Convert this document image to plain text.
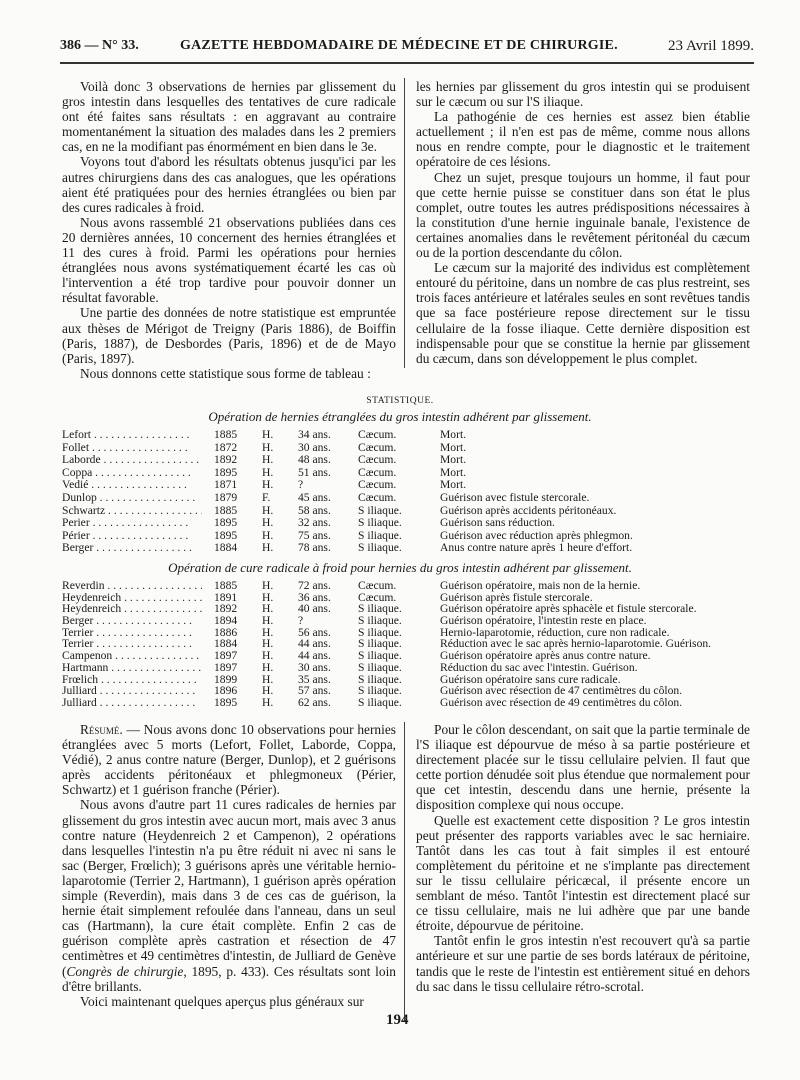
386 — N° 33.	GAZETTE HEBDOMADAIRE DE MÉDECINE ET DE CHIRURGIE.	23 Avril 1899.

Voilà donc 3 observations de hernies par glissement du gros intestin dans lesquelles des tentatives de cure radicale ont été faites sans résultats : en aggravant au contraire momentanément la situation des malades dans les 2 premiers cas, en ne la modifiant pas énormément en bien dans le 3e.

Voyons tout d'abord les résultats obtenus jusqu'ici par les autres chirurgiens dans des cas analogues, que les opérations aient été pratiquées pour des hernies étranglées ou bien par des cures radicales à froid.

Nous avons rassemblé 21 observations publiées dans ces 20 dernières années, 10 concernent des hernies étranglées et 11 des cures à froid. Parmi les opérations pour hernies étranglées nous avons systématiquement écarté les cas où l'intervention a été trop tardive pour pouvoir donner un résultat favorable.

Une partie des données de notre statistique est empruntée aux thèses de Mérigot de Treigny (Paris 1886), de Boiffin (Paris, 1887), de Desbordes (Paris, 1896) et de de Mayo (Paris, 1897).

Nous donnons cette statistique sous forme de tableau :

les hernies par glissement du gros intestin qui se produisent sur le cæcum ou sur l'S iliaque.

La pathogénie de ces hernies est assez bien établie actuellement ; il n'en est pas de même, comme nous allons nous en rendre compte, pour le diagnostic et le traitement opératoire de ces lésions.

Chez un sujet, presque toujours un homme, il faut pour que cette hernie puisse se constituer dans son état le plus complet, outre toutes les autres prédispositions nécessaires à la constitution d'une hernie inguinale banale, l'existence de certaines anomalies dans le revêtement péritonéal du cæcum ou de la portion descendante du côlon.

Le cæcum sur la majorité des individus est complètement entouré du péritoine, dans un nombre de cas plus restreint, ses trois faces antérieure et latérales seules en sont revêtues tandis que sa face postérieure repose directement sur le tissu cellulaire de la fosse iliaque. Cette dernière disposition est indispensable pour que se constitue la hernie par glissement du cæcum, dans son développement le plus complet.

STATISTIQUE.
Opération de hernies étranglées du gros intestin adhérent par glissement.
Lefort . . .	1885 H. 34 ans. Cæcum.	Mort.
Follet . . .	1872 H. 30 ans. Cæcum.	Mort.
Laborde . . .	1892 H. 48 ans. Cæcum.	Mort.
Coppa . . .	1895 H. 51 ans. Cæcum.	Mort.
Vedié . . .	1871 H. ?	Cæcum.	Mort.
Dunlop . . .	1879 F. 45 ans. Cæcum.	Guérison avec fistule stercorale.
Schwartz . . .	1885 H. 58 ans. S iliaque.	Guérison après accidents péritonéaux.
Perier . . .	1895 H. 32 ans. S iliaque.	Guérison sans réduction.
Périer . . .	1895 H. 75 ans. S iliaque.	Guérison avec réduction après phlegmon.
Berger . . .	1884 H. 78 ans. S iliaque.	Anus contre nature après 1 heure d'effort.
Opération de cure radicale à froid pour hernies du gros intestin adhérent par glissement.
Reverdin . . .	1885 H. 72 ans. Cæcum.	Guérison opératoire, mais non de la hernie.
Heydenreich . . .	1891 H. 36 ans. Cæcum.	Guérison après fistule stercorale.
Heydenreich . . .	1892 H. 40 ans. S iliaque.	Guérison opératoire après sphacèle et fistule stercorale.
Berger . . .	1894 H. ?	S iliaque.	Guérison opératoire, l'intestin reste en place.
Terrier . . .	1886 H. 56 ans. S iliaque.	Hernio-laparotomie, réduction, cure non radicale.
Terrier . . .	1884 H. 44 ans. S iliaque.	Réduction avec le sac après hernio-laparotomie. Guérison.
Campenon . . .	1897 H. 44 ans. S iliaque.	Guérison opératoire après anus contre nature.
Hartmann . . .	1897 H. 30 ans. S iliaque.	Réduction du sac avec l'intestin. Guérison.
Frœlich . . .	1899 H. 35 ans. S iliaque.	Guérison opératoire sans cure radicale.
Julliard . . .	1896 H. 57 ans. S iliaque.	Guérison avec résection de 47 centimètres du côlon.
Julliard . . .	1895 H. 62 ans. S iliaque.	Guérison avec résection de 49 centimètres du côlon.

Résumé. — Nous avons donc 10 observations pour hernies étranglées avec 5 morts (Lefort, Follet, Laborde, Coppa, Védié), 2 anus contre nature (Berger, Dunlop), et 2 guérisons après accidents péritonéaux et phlegmoneux (Périer, Schwartz) et 1 guérison franche (Périer).

Nous avons d'autre part 11 cures radicales de hernies par glissement du gros intestin avec aucun mort, mais avec 3 anus contre nature (Heydenreich 2 et Campenon), 2 opérations dans lesquelles l'intestin n'a pu être réduit ni avec ni sans le sac (Berger, Frœlich); 3 guérisons après une véritable hernio-laparotomie (Terrier 2, Hartmann), 1 guérison après opération simple (Reverdin), mais dans 3 de ces cas de guérison, la hernie était simplement refoulée dans l'anneau, dans un seul cas (Hartmann), la cure était complète. Enfin 2 cas de guérison complète après castration et résection de 47 centimètres et 49 centimètres d'intestin, de Julliard de Genève (Congrès de chirurgie, 1895, p. 433). Ces résultats sont loin d'être brillants.

Voici maintenant quelques aperçus plus généraux sur

Pour le côlon descendant, on sait que la partie terminale de l'S iliaque est dépourvue de méso à sa partie postérieure et directement placée sur le tissu cellulaire pelvien. Il faut que cette portion dénudée soit plus étendue que normalement pour que cet intestin, descendu dans une hernie, présente la disposition complexe qui nous occupe.

Quelle est exactement cette disposition ? Le gros intestin peut présenter des rapports variables avec le sac herniaire. Tantôt dans les cas tout à fait simples il est entouré complètement du péritoine et ne s'implante pas directement sur le tissu cellulaire péricæcal, il présente encore un semblant de méso. Tantôt l'intestin est directement placé sur ce tissu cellulaire, mais ne lui adhère que par une bande étroite, dépourvue de péritoine.

Tantôt enfin le gros intestin n'est recouvert qu'à sa partie antérieure et sur une partie de ses bords latéraux de péritoine, tandis que le reste de l'intestin est entièrement situé en dehors du sac dans le tissu cellulaire rétro-scrotal.

194
